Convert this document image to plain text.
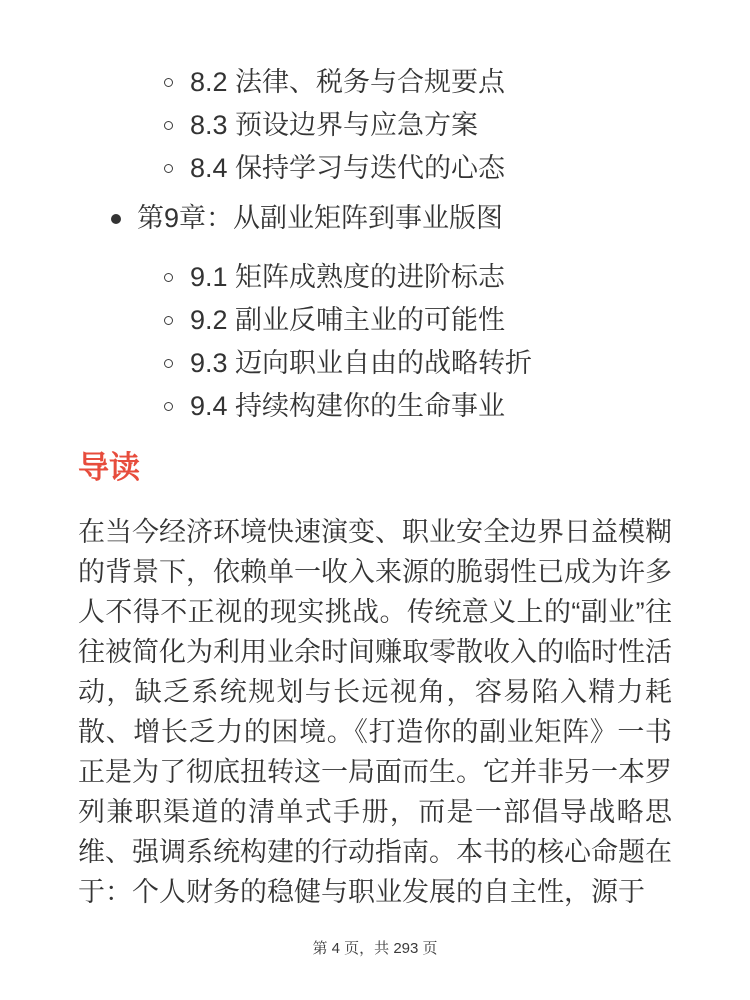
8.2 法律、税务与合规要点
8.3 预设边界与应急方案
8.4 保持学习与迭代的心态
第9章：从副业矩阵到事业版图
9.1 矩阵成熟度的进阶标志
9.2 副业反哺主业的可能性
9.3 迈向职业自由的战略转折
9.4 持续构建你的生命事业
导读

在当今经济环境快速演变、职业安全边界日益模糊的背景下，依赖单一收入来源的脆弱性已成为许多人不得不正视的现实挑战。传统意义上的“副业”往往被简化为利用业余时间赚取零散收入的临时性活动，缺乏系统规划与长远视角，容易陷入精力耗散、增长乏力的困境。《打造你的副业矩阵》一书正是为了彻底扭转这一局面而生。它并非另一本罗列兼职渠道的清单式手册，而是一部倡导战略思维、强调系统构建的行动指南。本书的核心命题在于：个人财务的稳健与职业发展的自主性，源于

第 4 页，共 293 页
